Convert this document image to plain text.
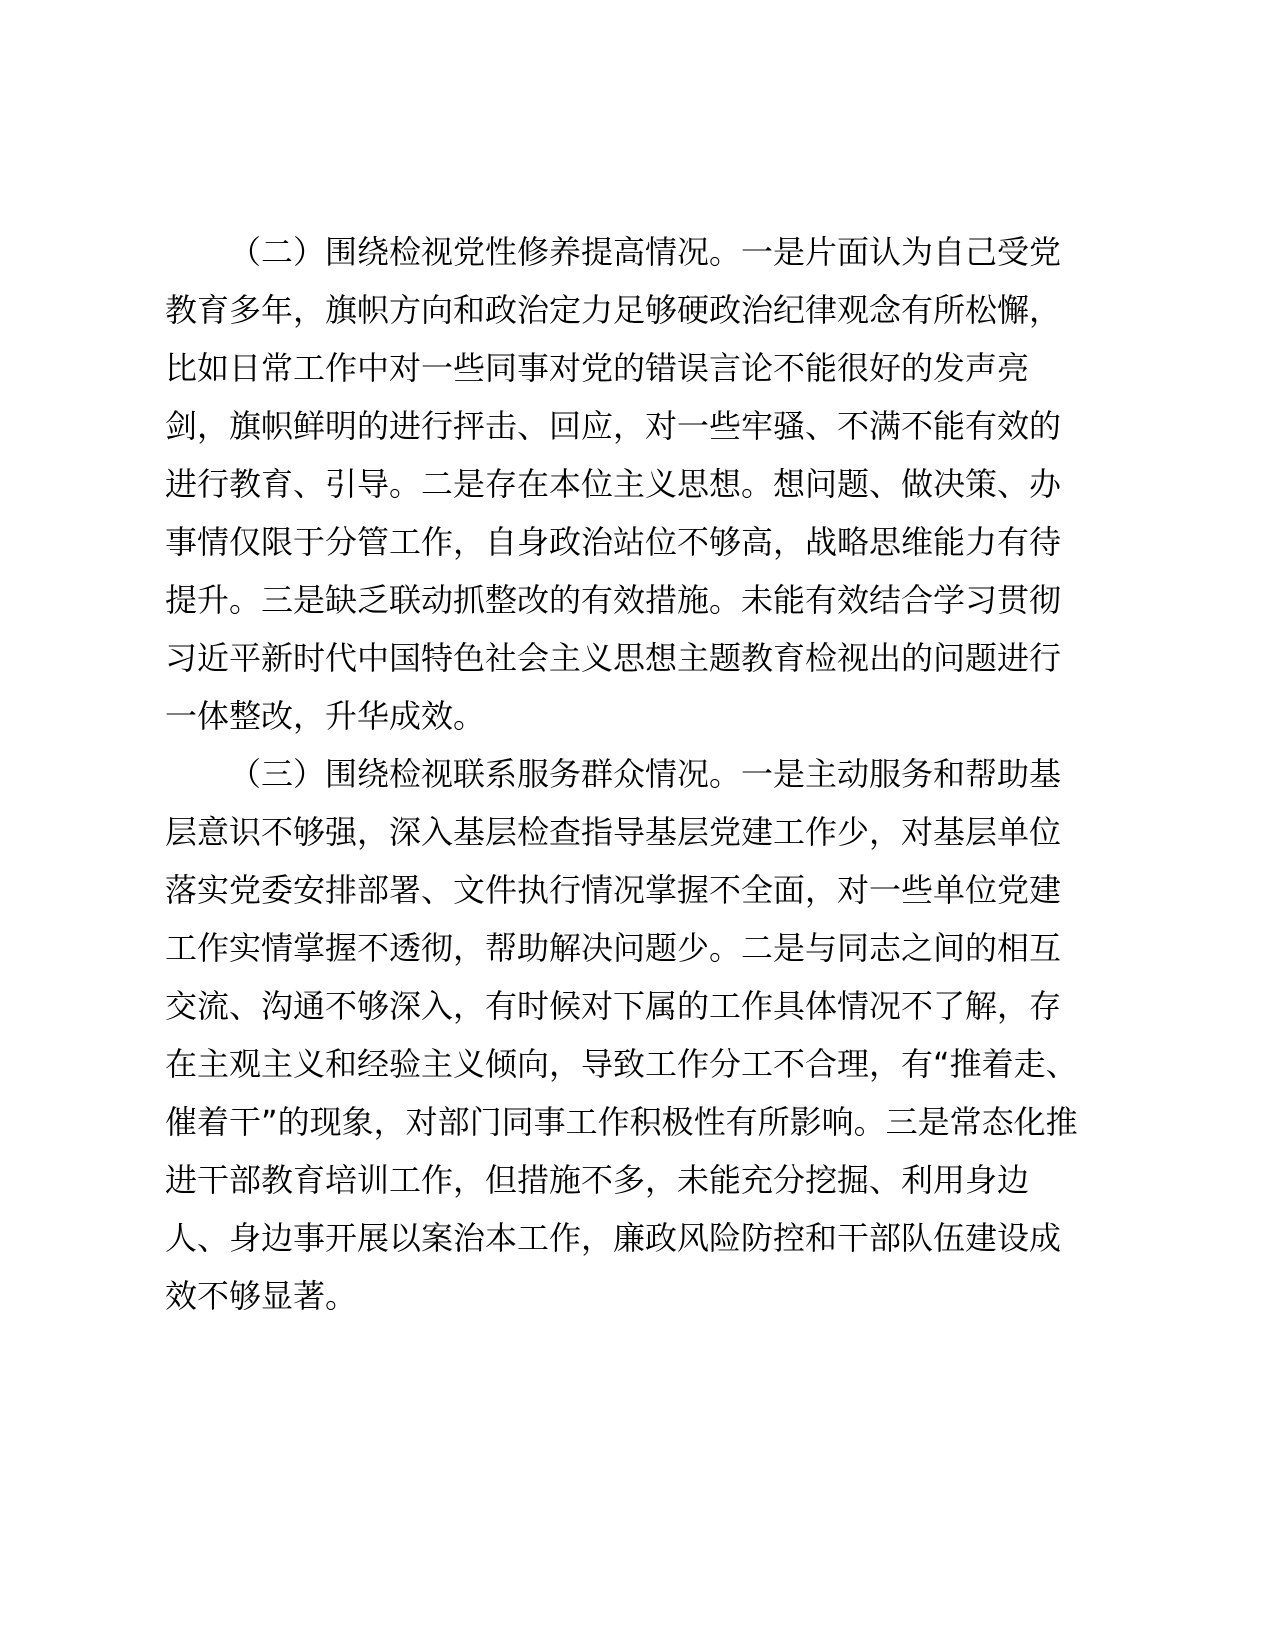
（二）围绕检视党性修养提高情况。一是片面认为自己受党
教育多年，旗帜方向和政治定力足够硬政治纪律观念有所松懈，
比如日常工作中对一些同事对党的错误言论不能很好的发声亮
剑，旗帜鲜明的进行抨击、回应，对一些牢骚、不满不能有效的
进行教育、引导。二是存在本位主义思想。想问题、做决策、办
事情仅限于分管工作，自身政治站位不够高，战略思维能力有待
提升。三是缺乏联动抓整改的有效措施。未能有效结合学习贯彻
习近平新时代中国特色社会主义思想主题教育检视出的问题进行
一体整改，升华成效。
（三）围绕检视联系服务群众情况。一是主动服务和帮助基
层意识不够强，深入基层检查指导基层党建工作少，对基层单位
落实党委安排部署、文件执行情况掌握不全面，对一些单位党建
工作实情掌握不透彻，帮助解决问题少。二是与同志之间的相互
交流、沟通不够深入，有时候对下属的工作具体情况不了解，存
在主观主义和经验主义倾向，导致工作分工不合理，有“推着走、
催着干”的现象，对部门同事工作积极性有所影响。三是常态化推
进干部教育培训工作，但措施不多，未能充分挖掘、利用身边
人、身边事开展以案治本工作，廉政风险防控和干部队伍建设成
效不够显著。
